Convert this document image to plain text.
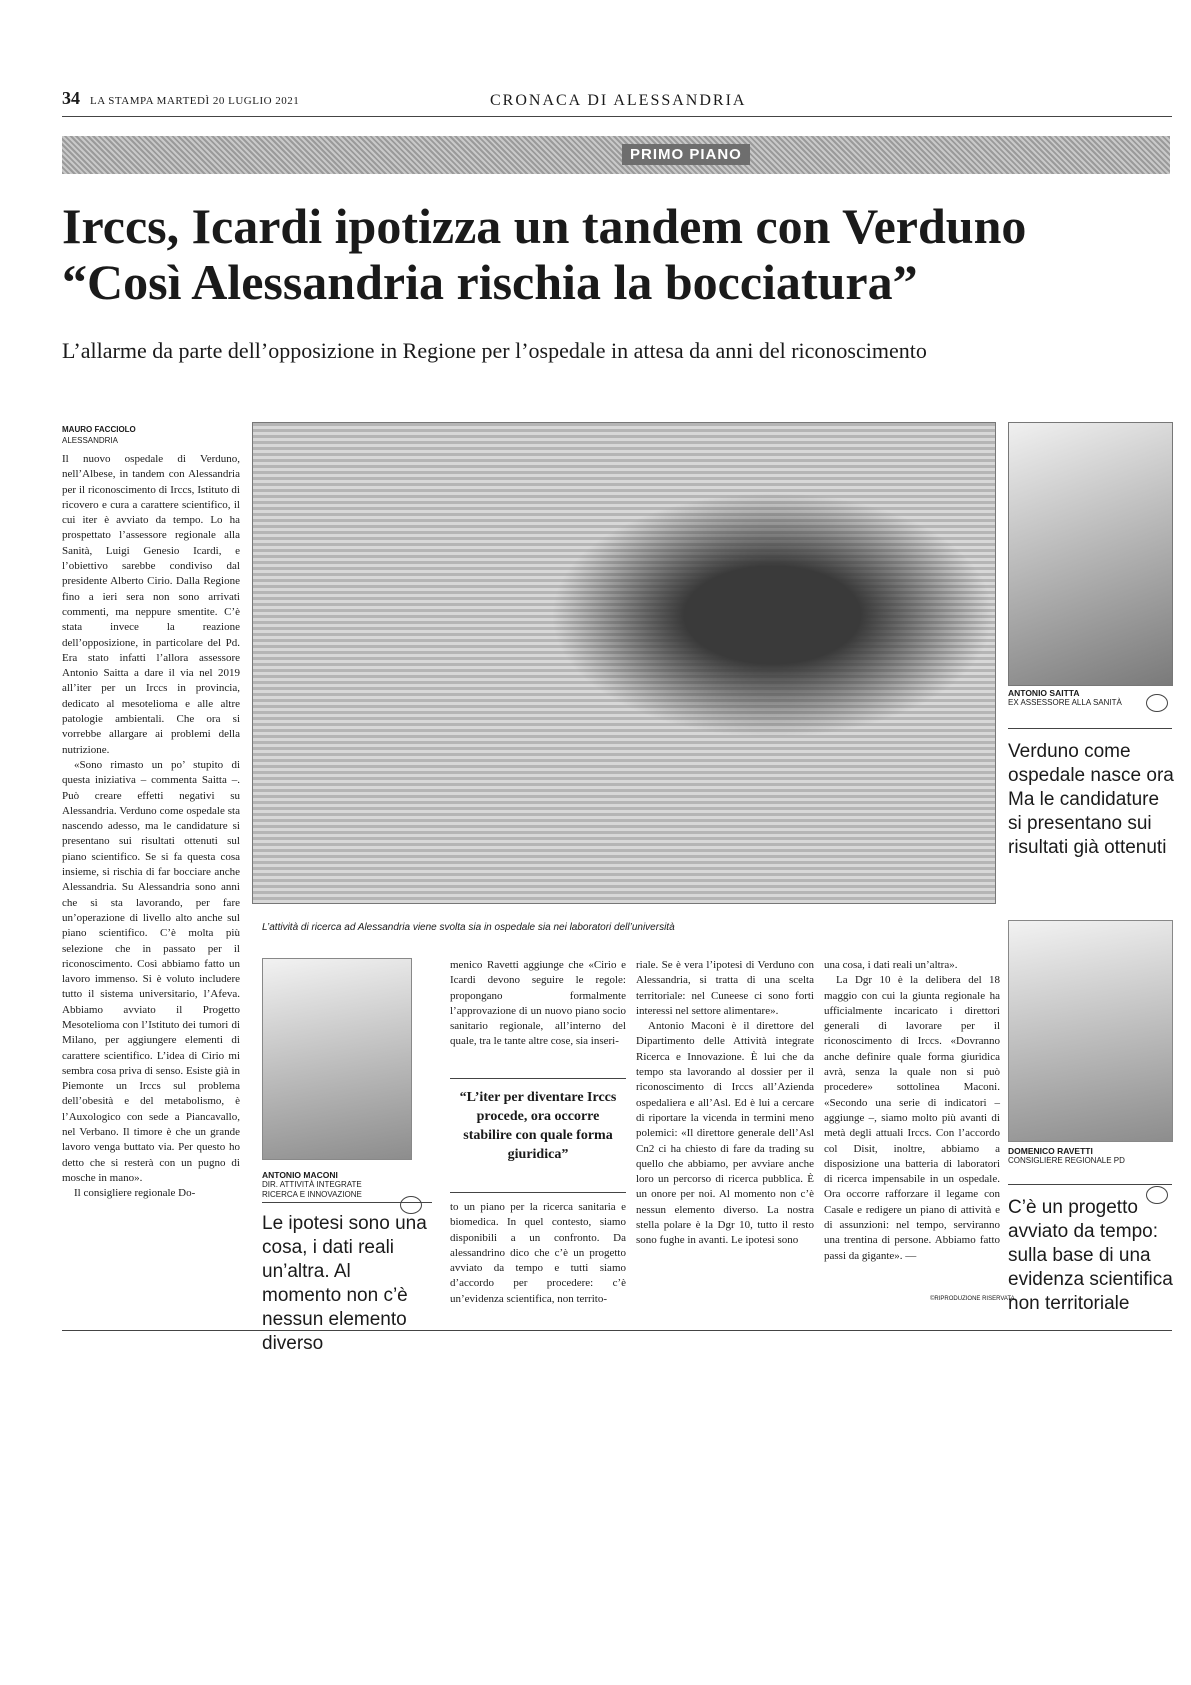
34 LA STAMPA MARTEDÌ 20 LUGLIO 2021	CRONACA DI ALESSANDRIA
PRIMO PIANO
Irccs, Icardi ipotizza un tandem con Verduno
“Così Alessandria rischia la bocciatura”
L’allarme da parte dell’opposizione in Regione per l’ospedale in attesa da anni del riconoscimento
MAURO FACCIOLO
ALESSANDRIA

Il nuovo ospedale di Verduno, nell’Albese, in tandem con Alessandria per il riconoscimento di Irccs, Istituto di ricovero e cura a carattere scientifico, il cui iter è avviato da tempo. Lo ha prospettato l’assessore regionale alla Sanità, Luigi Genesio Icardi, e l’obiettivo sarebbe condiviso dal presidente Alberto Cirio. Dalla Regione fino a ieri sera non sono arrivati commenti, ma neppure smentite. C’è stata invece la reazione dell’opposizione, in particolare del Pd. Era stato infatti l’allora assessore Antonio Saitta a dare il via nel 2019 all’iter per un Irccs in provincia, dedicato al mesotelioma e alle altre patologie ambientali. Che ora si vorrebbe allargare ai problemi della nutrizione.

«Sono rimasto un po’ stupito di questa iniziativa – commenta Saitta –. Può creare effetti negativi su Alessandria. Verduno come ospedale sta nascendo adesso, ma le candidature si presentano sui risultati ottenuti sul piano scientifico. Se si fa questa cosa insieme, si rischia di far bocciare anche Alessandria. Su Alessandria sono anni che si sta lavorando, per fare un’operazione di livello alto anche sul piano scientifico. C’è molta più selezione che in passato per il riconoscimento. Così abbiamo fatto un lavoro immenso. Si è voluto includere tutto il sistema universitario, l’Afeva. Abbiamo avviato il Progetto Mesotelioma con l’Istituto dei tumori di Milano, per aggiungere elementi di carattere scientifico. L’idea di Cirio mi sembra cosa priva di senso. Esiste già in Piemonte un Irccs sul problema dell’obesità e del metabolismo, è l’Auxologico con sede a Piancavallo, nel Verbano. Il timore è che un grande lavoro venga buttato via. Per questo ho detto che si resterà con un pugno di mosche in mano».

Il consigliere regionale Do-

L’attività di ricerca ad Alessandria viene svolta sia in ospedale sia nei laboratori dell’università
ANTONIO SAITTA
EX ASSESSORE ALLA SANITÀ
Verduno come ospedale nasce ora Ma le candidature si presentano sui risultati già ottenuti
ANTONIO MACONI
DIR. ATTIVITÀ INTEGRATE RICERCA E INNOVAZIONE
Le ipotesi sono una cosa, i dati reali un’altra. Al momento non c’è nessun elemento diverso

menico Ravetti aggiunge che «Cirio e Icardi devono seguire le regole: propongano formalmente l’approvazione di un nuovo piano socio sanitario regionale, all’interno del quale, tra le tante altre cose, sia inseri-

“L’iter per diventare Irccs procede, ora occorre stabilire con quale forma giuridica”

to un piano per la ricerca sanitaria e biomedica. In quel contesto, siamo disponibili a un confronto. Da alessandrino dico che c’è un progetto avviato da tempo e tutti siamo d’accordo per procedere: c’è un’evidenza scientifica, non territo-

riale. Se è vera l’ipotesi di Verduno con Alessandria, si tratta di una scelta territoriale: nel Cuneese ci sono forti interessi nel settore alimentare».

Antonio Maconi è il direttore del Dipartimento delle Attività integrate Ricerca e Innovazione. È lui che da tempo sta lavorando al dossier per il riconoscimento di Irccs all’Azienda ospedaliera e all’Asl. Ed è lui a cercare di riportare la vicenda in termini meno polemici: «Il direttore generale dell’Asl Cn2 ci ha chiesto di fare da trading su quello che abbiamo, per avviare anche loro un percorso di ricerca pubblica. È un onore per noi. Al momento non c’è nessun elemento diverso. La nostra stella polare è la Dgr 10, tutto il resto sono fughe in avanti. Le ipotesi sono

una cosa, i dati reali un’altra».

La Dgr 10 è la delibera del 18 maggio con cui la giunta regionale ha ufficialmente incaricato i direttori generali di lavorare per il riconoscimento di Irccs. «Dovranno anche definire quale forma giuridica avrà, senza la quale non si può procedere» sottolinea Maconi. «Secondo una serie di indicatori – aggiunge –, siamo molto più avanti di metà degli attuali Irccs. Con l’accordo col Disit, inoltre, abbiamo a disposizione una batteria di laboratori di ricerca impensabile in un ospedale. Ora occorre rafforzare il legame con Casale e redigere un piano di attività e di assunzioni: nel tempo, serviranno una trentina di persone. Abbiamo fatto passi da gigante». —

©RIPRODUZIONE RISERVATA
DOMENICO RAVETTI
CONSIGLIERE REGIONALE PD
C’è un progetto avviato da tempo: sulla base di una evidenza scientifica non territoriale
